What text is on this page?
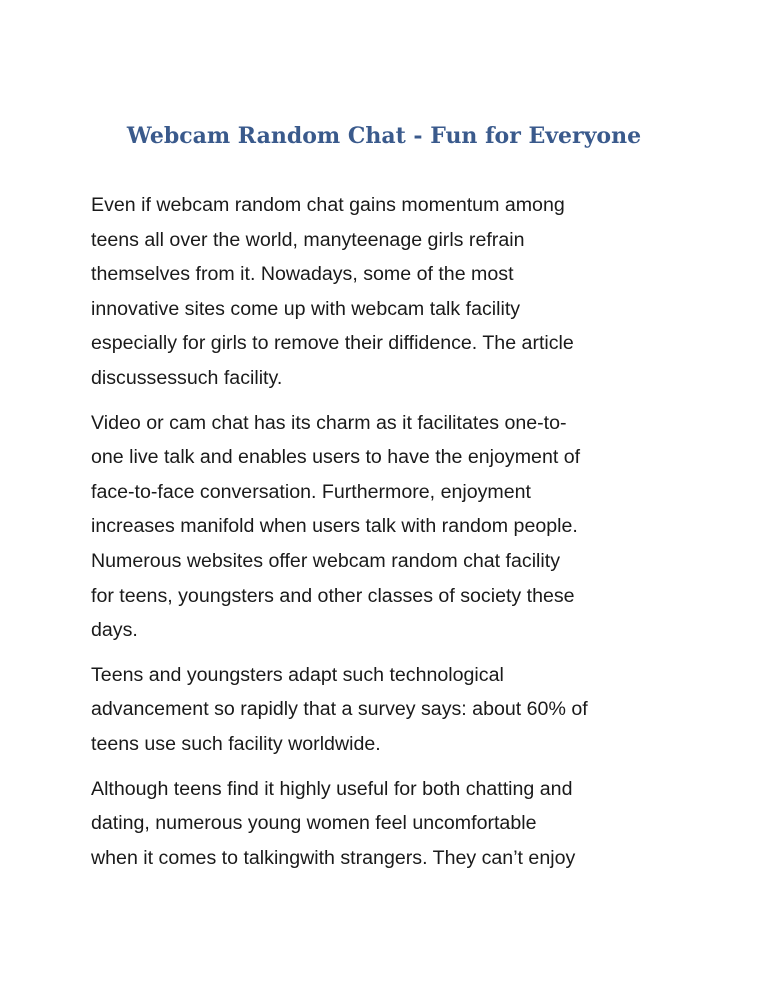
Webcam Random Chat - Fun for Everyone

Even if webcam random chat gains momentum among
teens all over the world, manyteenage girls refrain
themselves from it. Nowadays, some of the most
innovative sites come up with webcam talk facility
especially for girls to remove their diffidence. The article
discussessuch facility.

Video or cam chat has its charm as it facilitates one-to-
one live talk and enables users to have the enjoyment of
face-to-face conversation. Furthermore, enjoyment
increases manifold when users talk with random people.
Numerous websites offer webcam random chat facility
for teens, youngsters and other classes of society these
days.

Teens and youngsters adapt such technological
advancement so rapidly that a survey says: about 60% of
teens use such facility worldwide.

Although teens find it highly useful for both chatting and
dating, numerous young women feel uncomfortable
when it comes to talkingwith strangers. They can’t enjoy
